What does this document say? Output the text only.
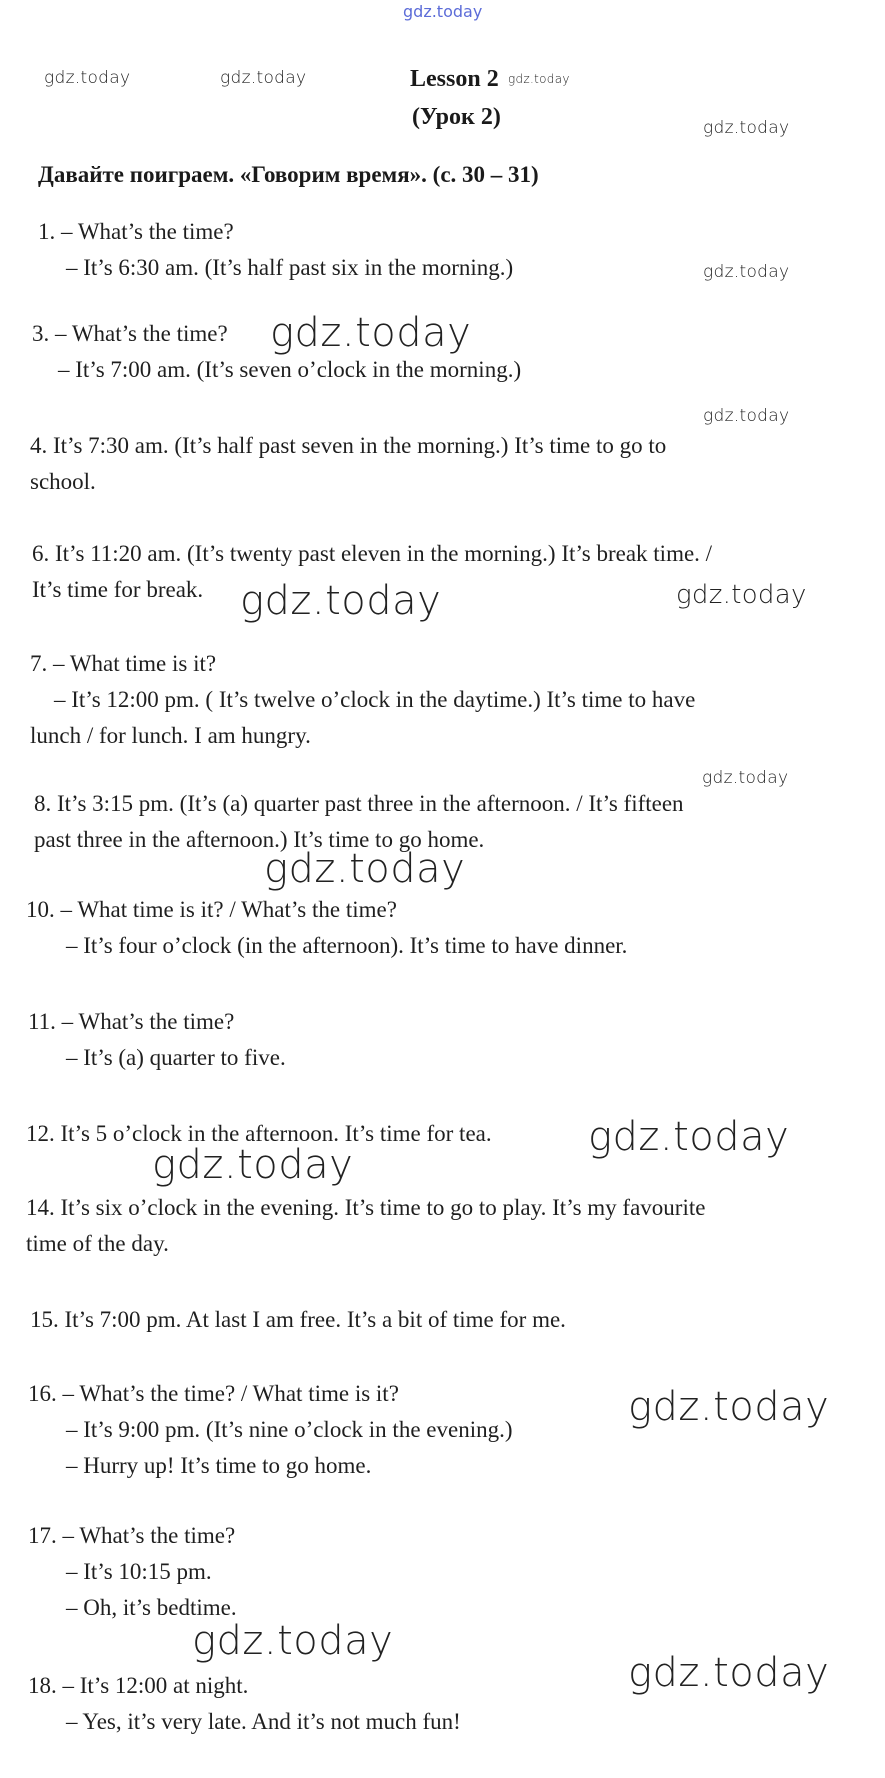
gdz.today
Lesson 2
(Урок 2)
Давайте поиграем. «Говорим время». (с. 30 – 31)
1. – What’s the time?
– It’s 6:30 am. (It’s half past six in the morning.)
3. – What’s the time?
– It’s 7:00 am. (It’s seven o’clock in the morning.)
4. It’s 7:30 am. (It’s half past seven in the morning.) It’s time to go to
school.
6. It’s 11:20 am. (It’s twenty past eleven in the morning.) It’s break time. /
It’s time for break.
7. – What time is it?
– It’s 12:00 pm. ( It’s twelve o’clock in the daytime.) It’s time to have
lunch / for lunch. I am hungry.
8. It’s 3:15 pm. (It’s (a) quarter past three in the afternoon. / It’s fifteen
past three in the afternoon.) It’s time to go home.
10. – What time is it? / What’s the time?
– It’s four o’clock (in the afternoon). It’s time to have dinner.
11. – What’s the time?
– It’s (a) quarter to five.
12. It’s 5 o’clock in the afternoon. It’s time for tea.
14. It’s six o’clock in the evening. It’s time to go to play. It’s my favourite
time of the day.
15. It’s 7:00 pm. At last I am free. It’s a bit of time for me.
16. – What’s the time? / What time is it?
– It’s 9:00 pm. (It’s nine o’clock in the evening.)
– Hurry up! It’s time to go home.
17. – What’s the time?
– It’s 10:15 pm.
– Oh, it’s bedtime.
18. – It’s 12:00 at night.
– Yes, it’s very late. And it’s not much fun!
gdz.today	gdz.today	gdz.today
gdz.today
gdz.today
gdz.today
gdz.today
gdz.today	gdz.today
gdz.today
gdz.today
gdz.today
gdz.today
gdz.today
gdz.today
gdz.today
